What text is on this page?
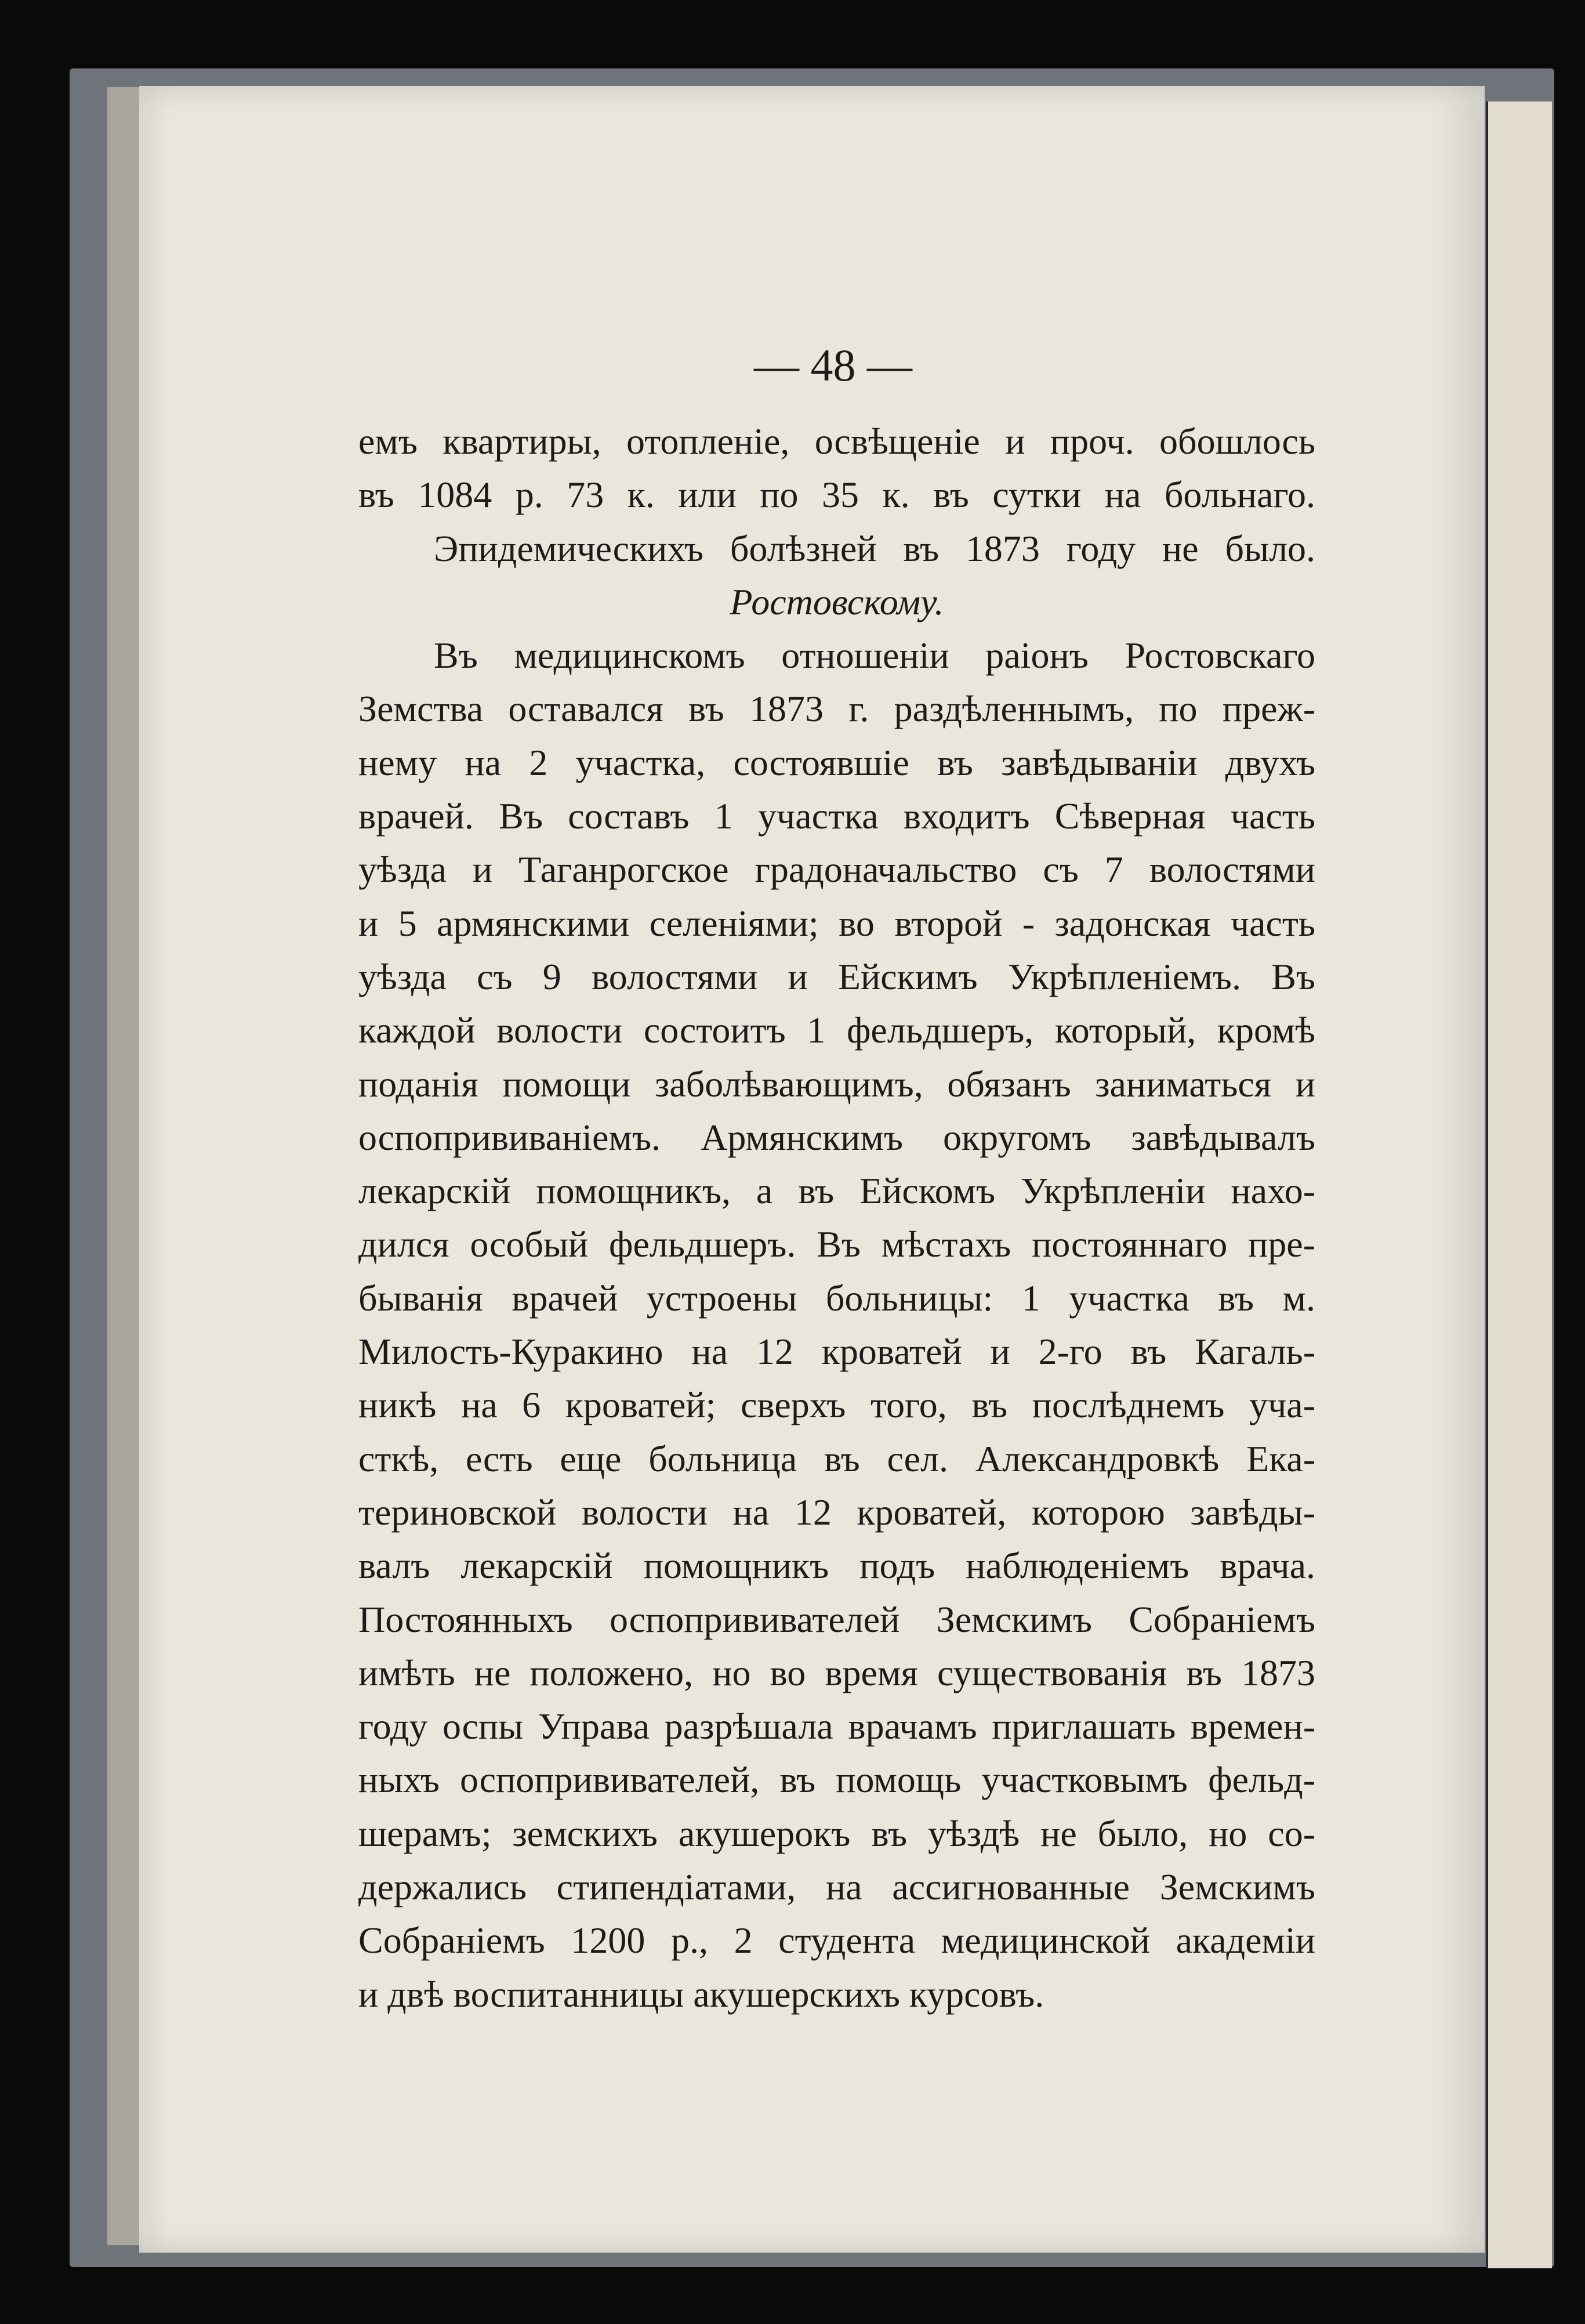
— 48 —
емъ квартиры, отопленіе, освѣщеніе и проч. обошлось
въ 1084 р. 73 к. или по 35 к. въ сутки на больнаго.
Эпидемическихъ болѣзней въ 1873 году не было.
Ростовскому.
Въ медицинскомъ отношеніи раіонъ Ростовскаго
Земства оставался въ 1873 г. раздѣленнымъ, по преж-
нему на 2 участка, состоявшіе въ завѣдываніи двухъ
врачей. Въ составъ 1 участка входитъ Сѣверная часть
уѣзда и Таганрогское градоначальство съ 7 волостями
и 5 армянскими селеніями; во второй - задонская часть
уѣзда съ 9 волостями и Ейскимъ Укрѣпленіемъ. Въ
каждой волости состоитъ 1 фельдшеръ, который, кромѣ
поданія помощи заболѣвающимъ, обязанъ заниматься и
оспопрививаніемъ. Армянскимъ округомъ завѣдывалъ
лекарскій помощникъ, а въ Ейскомъ Укрѣпленіи нахо-
дился особый фельдшеръ. Въ мѣстахъ постояннаго пре-
быванія врачей устроены больницы: 1 участка въ м.
Милость-Куракино на 12 кроватей и 2-го въ Кагаль-
никѣ на 6 кроватей; сверхъ того, въ послѣднемъ уча-
сткѣ, есть еще больница въ сел. Александровкѣ Ека-
териновской волости на 12 кроватей, которою завѣды-
валъ лекарскій помощникъ подъ наблюденіемъ врача.
Постоянныхъ оспопрививателей Земскимъ Собраніемъ
имѣть не положено, но во время существованія въ 1873
году оспы Управа разрѣшала врачамъ приглашать времен-
ныхъ оспопрививателей, въ помощь участковымъ фельд-
шерамъ; земскихъ акушерокъ въ уѣздѣ не было, но со-
держались стипендіатами, на ассигнованные Земскимъ
Собраніемъ 1200 р., 2 студента медицинской академіи
и двѣ воспитанницы акушерскихъ курсовъ.
